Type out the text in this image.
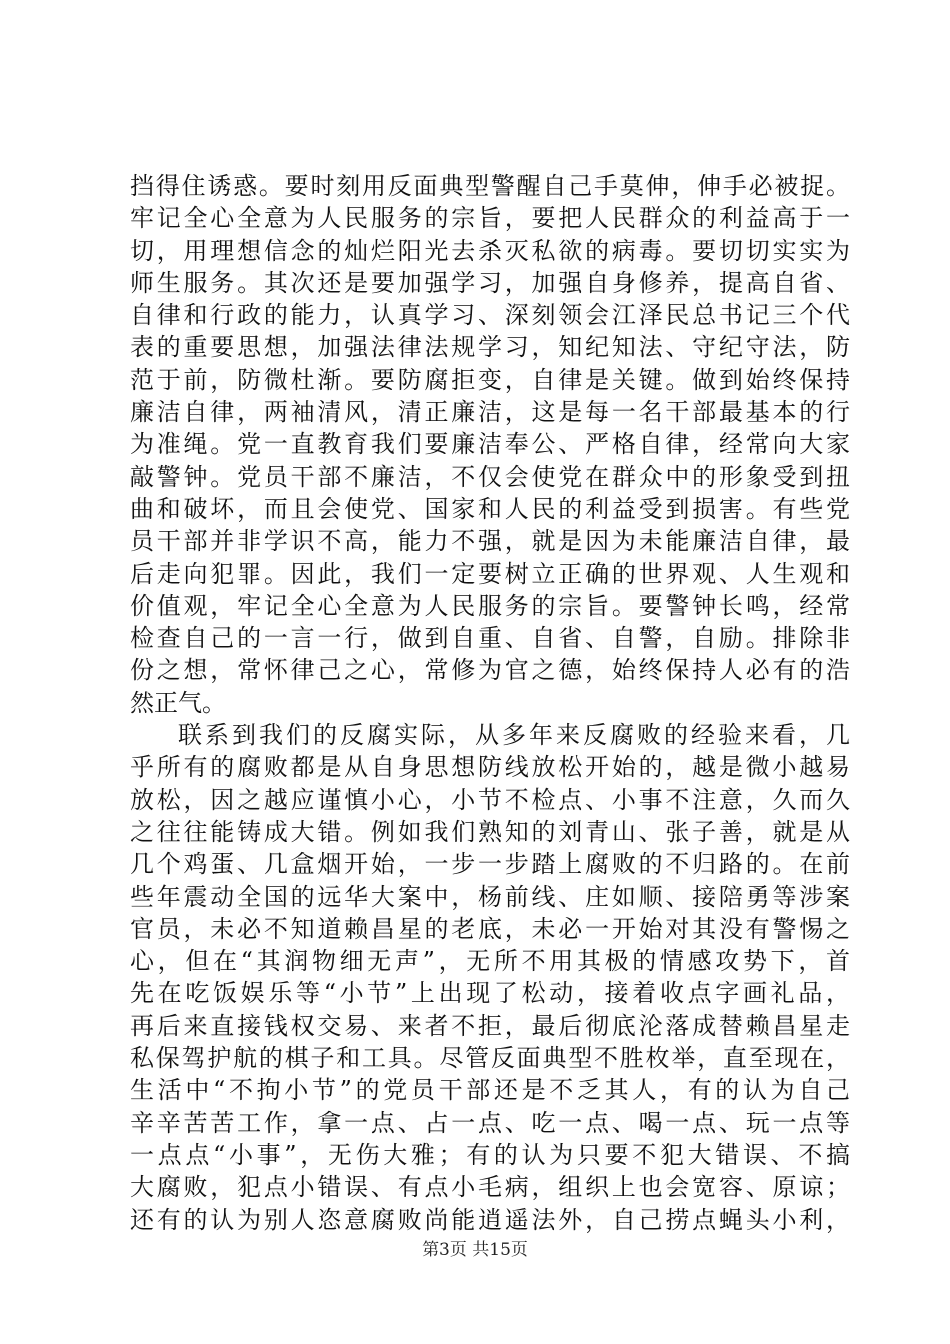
挡得住诱惑。要时刻用反面典型警醒自己手莫伸，伸手必被捉。
牢记全心全意为人民服务的宗旨，要把人民群众的利益高于一
切，用理想信念的灿烂阳光去杀灭私欲的病毒。要切切实实为
师生服务。其次还是要加强学习，加强自身修养，提高自省、
自律和行政的能力，认真学习、深刻领会江泽民总书记三个代
表的重要思想，加强法律法规学习，知纪知法、守纪守法，防
范于前，防微杜渐。要防腐拒变，自律是关键。做到始终保持
廉洁自律，两袖清风，清正廉洁，这是每一名干部最基本的行
为准绳。党一直教育我们要廉洁奉公、严格自律，经常向大家
敲警钟。党员干部不廉洁，不仅会使党在群众中的形象受到扭
曲和破坏，而且会使党、国家和人民的利益受到损害。有些党
员干部并非学识不高，能力不强，就是因为未能廉洁自律，最
后走向犯罪。因此，我们一定要树立正确的世界观、人生观和
价值观，牢记全心全意为人民服务的宗旨。要警钟长鸣，经常
检查自己的一言一行，做到自重、自省、自警，自励。排除非
份之想，常怀律己之心，常修为官之德，始终保持人必有的浩
然正气。
联系到我们的反腐实际，从多年来反腐败的经验来看，几
乎所有的腐败都是从自身思想防线放松开始的，越是微小越易
放松，因之越应谨慎小心，小节不检点、小事不注意，久而久
之往往能铸成大错。例如我们熟知的刘青山、张子善，就是从
几个鸡蛋、几盒烟开始，一步一步踏上腐败的不归路的。在前
些年震动全国的远华大案中，杨前线、庄如顺、接陪勇等涉案
官员，未必不知道赖昌星的老底，未必一开始对其没有警惕之
心，但在“其润物细无声”，无所不用其极的情感攻势下，首
先在吃饭娱乐等“小节”上出现了松动，接着收点字画礼品，
再后来直接钱权交易、来者不拒，最后彻底沦落成替赖昌星走
私保驾护航的棋子和工具。尽管反面典型不胜枚举，直至现在，
生活中“不拘小节”的党员干部还是不乏其人，有的认为自己
辛辛苦苦工作，拿一点、占一点、吃一点、喝一点、玩一点等
一点点“小事”，无伤大雅；有的认为只要不犯大错误、不搞
大腐败，犯点小错误、有点小毛病，组织上也会宽容、原谅；
还有的认为别人恣意腐败尚能逍遥法外，自己捞点蝇头小利，
第3页 共15页
